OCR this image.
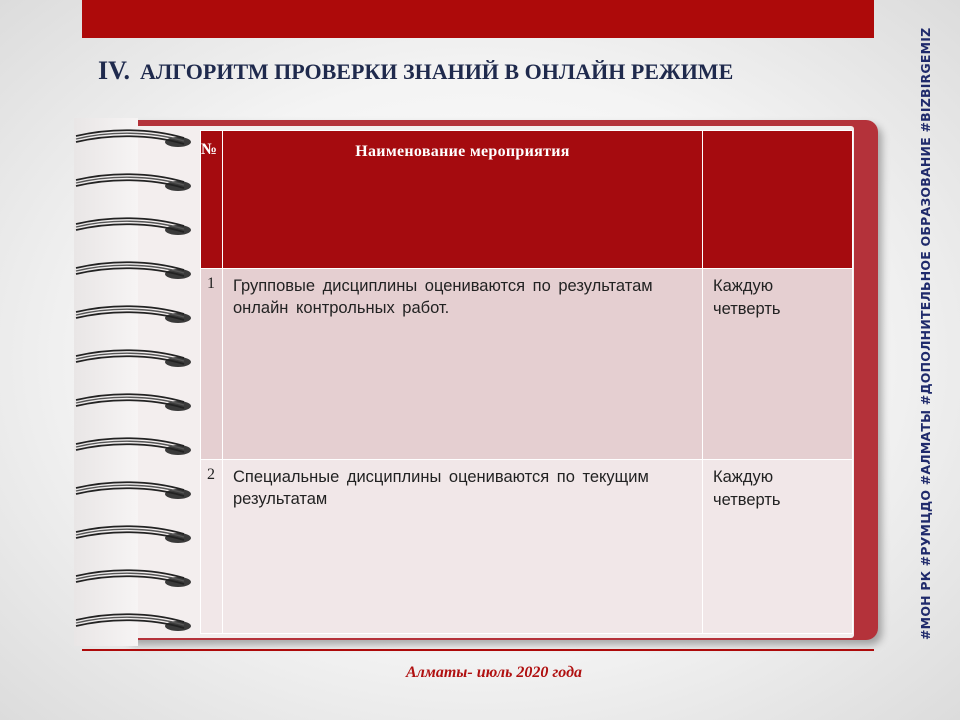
IV. АЛГОРИТМ ПРОВЕРКИ ЗНАНИЙ В ОНЛАЙН РЕЖИМЕ	#МОН РК #РУМЦДО #АЛМАТЫ #ДОПОЛНИТЕЛЬНОЕ ОБРАЗОВАНИЕ #BIZBIRGEMIZ
№	Наименование мероприятия	
1	Групповые дисциплины оцениваются по результатам онлайн контрольных работ.	Каждую четверть
2	Специальные дисциплины оцениваются по текущим результатам	Каждую четверть
Алматы- июль 2020 года
